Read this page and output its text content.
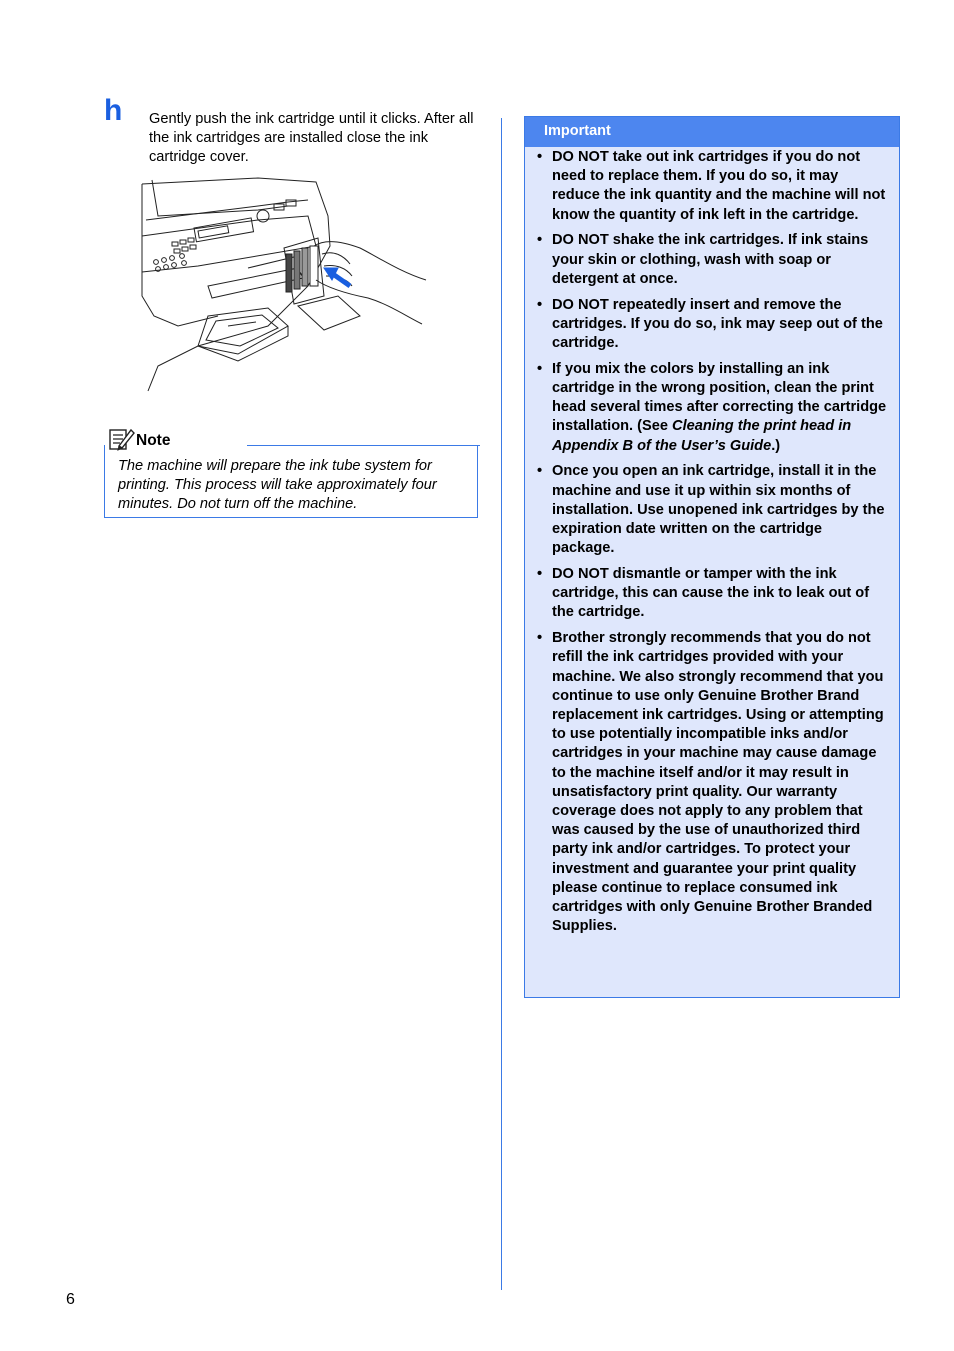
h Gently push the ink cartridge until it clicks. After all the ink cartridges are installed close the ink cartridge cover.
Note
The machine will prepare the ink tube system for printing. This process will take approximately four minutes. Do not turn off the machine.
Important
• DO NOT take out ink cartridges if you do not need to replace them. If you do so, it may reduce the ink quantity and the machine will not know the quantity of ink left in the cartridge.
• DO NOT shake the ink cartridges. If ink stains your skin or clothing, wash with soap or detergent at once.
• DO NOT repeatedly insert and remove the cartridges. If you do so, ink may seep out of the cartridge.
• If you mix the colors by installing an ink cartridge in the wrong position, clean the print head several times after correcting the cartridge installation. (See Cleaning the print head in Appendix B of the User’s Guide.)
• Once you open an ink cartridge, install it in the machine and use it up within six months of installation. Use unopened ink cartridges by the expiration date written on the cartridge package.
• DO NOT dismantle or tamper with the ink cartridge, this can cause the ink to leak out of the cartridge.
• Brother strongly recommends that you do not refill the ink cartridges provided with your machine. We also strongly recommend that you continue to use only Genuine Brother Brand replacement ink cartridges. Using or attempting to use potentially incompatible inks and/or cartridges in your machine may cause damage to the machine itself and/or it may result in unsatisfactory print quality. Our warranty coverage does not apply to any problem that was caused by the use of unauthorized third party ink and/or cartridges. To protect your investment and guarantee your print quality please continue to replace consumed ink cartridges with only Genuine Brother Branded Supplies.
6
